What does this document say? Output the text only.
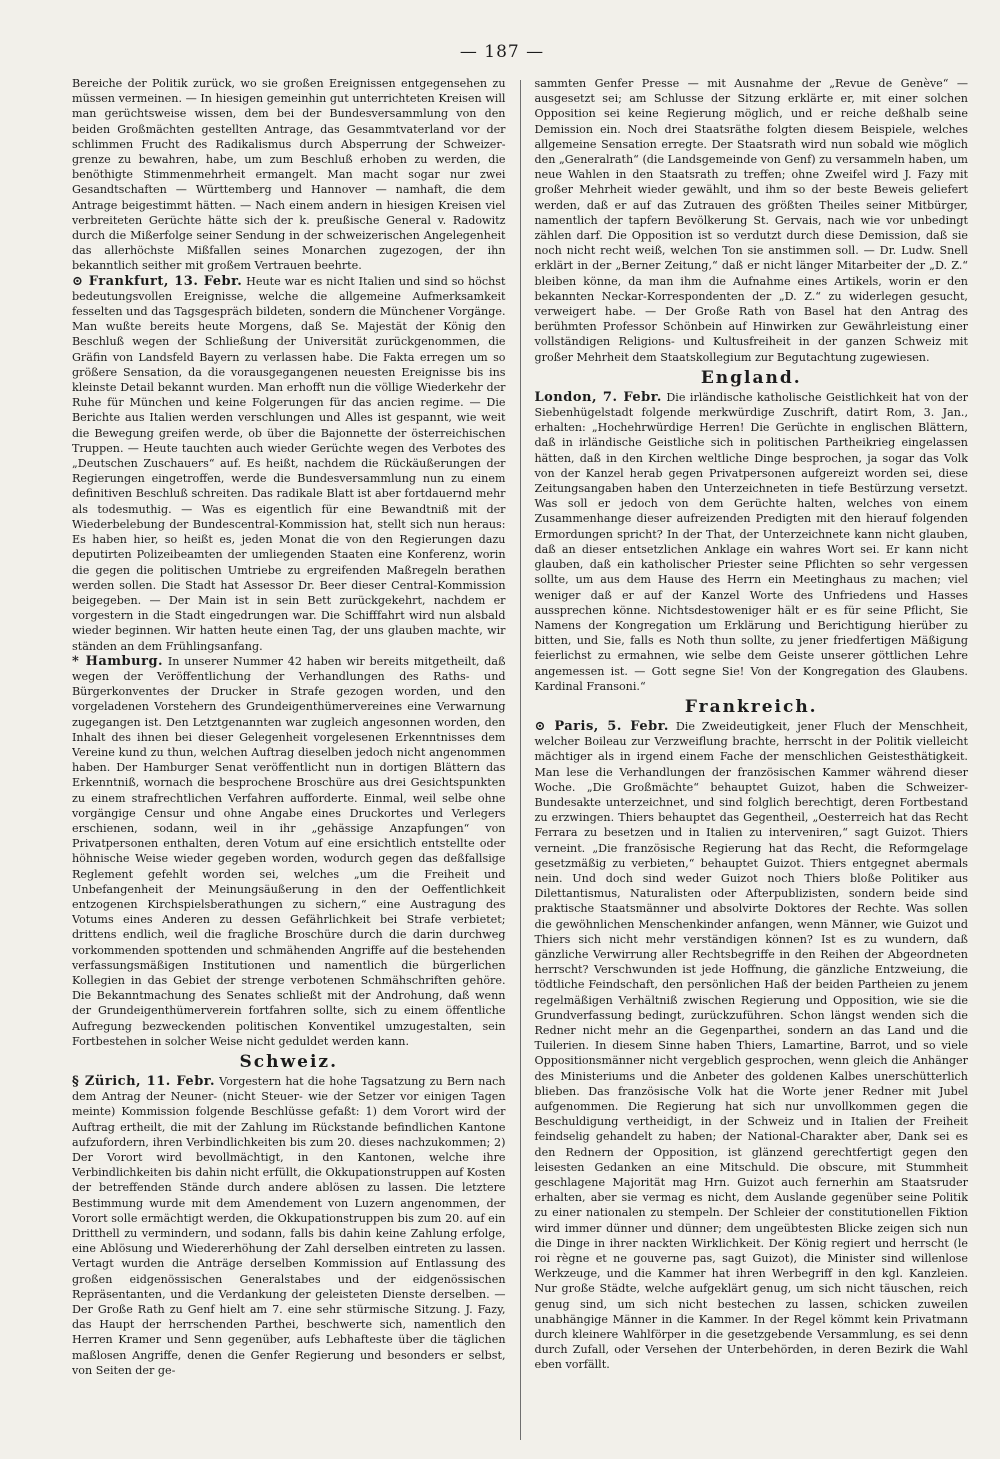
— 187 —

Bereiche der Politik zurück, wo sie großen Ereignissen entgegensehen zu müssen vermeinen. — In hiesigen gemeinhin gut unterrichteten Kreisen will man gerüchtsweise wissen, dem bei der Bundesversammlung von den beiden Großmächten gestellten Antrage, das Gesammtvaterland vor der schlimmen Frucht des Radikalismus durch Absperrung der Schweizer-grenze zu bewahren, habe, um zum Beschluß erhoben zu werden, die benöthigte Stimmenmehrheit ermangelt. Man macht sogar nur zwei Gesandtschaften — Württemberg und Hannover — namhaft, die dem Antrage beigestimmt hätten. — Nach einem andern in hiesigen Kreisen viel verbreiteten Gerüchte hätte sich der k. preußische General v. Radowitz durch die Mißerfolge seiner Sendung in der schweizerischen Angelegenheit das allerhöchste Mißfallen seines Monarchen zugezogen, der ihn bekanntlich seither mit großem Vertrauen beehrte.

⊙ Frankfurt, 13. Febr. Heute war es nicht Italien und sind so höchst bedeutungsvollen Ereignisse, welche die allgemeine Aufmerksamkeit fesselten und das Tagsgespräch bildeten, sondern die Münchener Vorgänge. Man wußte bereits heute Morgens, daß Se. Majestät der König den Beschluß wegen der Schließung der Universität zurückgenommen, die Gräfin von Landsfeld Bayern zu verlassen habe. Die Fakta erregen um so größere Sensation, da die vorausgegangenen neuesten Ereignisse bis ins kleinste Detail bekannt wurden. Man erhofft nun die völlige Wiederkehr der Ruhe für München und keine Folgerungen für das ancien regime. — Die Berichte aus Italien werden verschlungen und Alles ist gespannt, wie weit die Bewegung greifen werde, ob über die Bajonnette der österreichischen Truppen. — Heute tauchten auch wieder Gerüchte wegen des Verbotes des „Deutschen Zuschauers“ auf. Es heißt, nachdem die Rückäußerungen der Regierungen eingetroffen, werde die Bundesversammlung nun zu einem definitiven Beschluß schreiten. Das radikale Blatt ist aber fortdauernd mehr als todesmuthig. — Was es eigentlich für eine Bewandtniß mit der Wiederbelebung der Bundescentral-Kommission hat, stellt sich nun heraus: Es haben hier, so heißt es, jeden Monat die von den Regierungen dazu deputirten Polizeibeamten der umliegenden Staaten eine Konferenz, worin die gegen die politischen Umtriebe zu ergreifenden Maßregeln berathen werden sollen. Die Stadt hat Assessor Dr. Beer dieser Central-Kommission beigegeben. — Der Main ist in sein Bett zurückgekehrt, nachdem er vorgestern in die Stadt eingedrungen war. Die Schifffahrt wird nun alsbald wieder beginnen. Wir hatten heute einen Tag, der uns glauben machte, wir ständen an dem Frühlingsanfang.

* Hamburg. In unserer Nummer 42 haben wir bereits mitgetheilt, daß wegen der Veröffentlichung der Verhandlungen des Raths- und Bürgerkonventes der Drucker in Strafe gezogen worden, und den vorgeladenen Vorstehern des Grundeigenthümervereines eine Verwarnung zugegangen ist. Den Letztgenannten war zugleich angesonnen worden, den Inhalt des ihnen bei dieser Gelegenheit vorgelesenen Erkenntnisses dem Vereine kund zu thun, welchen Auftrag dieselben jedoch nicht angenommen haben. Der Hamburger Senat veröffentlicht nun in dortigen Blättern das Erkenntniß, wornach die besprochene Broschüre aus drei Gesichtspunkten zu einem strafrechtlichen Verfahren aufforderte. Einmal, weil selbe ohne vorgängige Censur und ohne Angabe eines Druckortes und Verlegers erschienen, sodann, weil in ihr „gehässige Anzapfungen“ von Privatpersonen enthalten, deren Votum auf eine ersichtlich entstellte oder höhnische Weise wieder gegeben worden, wodurch gegen das deßfallsige Reglement gefehlt worden sei, welches „um die Freiheit und Unbefangenheit der Meinungsäußerung in den der Oeffentlichkeit entzogenen Kirchspielsberathungen zu sichern,“ eine Austragung des Votums eines Anderen zu dessen Gefährlichkeit bei Strafe verbietet; drittens endlich, weil die fragliche Broschüre durch die darin durchweg vorkommenden spottenden und schmähenden Angriffe auf die bestehenden verfassungsmäßigen Institutionen und namentlich die bürgerlichen Kollegien in das Gebiet der strenge verbotenen Schmähschriften gehöre. Die Bekanntmachung des Senates schließt mit der Androhung, daß wenn der Grundeigenthümerverein fortfahren sollte, sich zu einem öffentliche Aufregung bezweckenden politischen Konventikel umzugestalten, sein Fortbestehen in solcher Weise nicht geduldet werden kann.

Schweiz.

§ Zürich, 11. Febr. Vorgestern hat die hohe Tagsatzung zu Bern nach dem Antrag der Neuner- (nicht Steuer- wie der Setzer vor einigen Tagen meinte) Kommission folgende Beschlüsse gefaßt: 1) dem Vorort wird der Auftrag ertheilt, die mit der Zahlung im Rückstande befindlichen Kantone aufzufordern, ihren Verbindlichkeiten bis zum 20. dieses nachzukommen; 2) Der Vorort wird bevollmächtigt, in den Kantonen, welche ihre Verbindlichkeiten bis dahin nicht erfüllt, die Okkupationstruppen auf Kosten der betreffenden Stände durch andere ablösen zu lassen. Die letztere Bestimmung wurde mit dem Amendement von Luzern angenommen, der Vorort solle ermächtigt werden, die Okkupationstruppen bis zum 20. auf ein Dritthell zu vermindern, und sodann, falls bis dahin keine Zahlung erfolge, eine Ablösung und Wiedererhöhung der Zahl derselben eintreten zu lassen. Vertagt wurden die Anträge derselben Kommission auf Entlassung des großen eidgenössischen Generalstabes und der eidgenössischen Repräsentanten, und die Verdankung der geleisteten Dienste derselben. — Der Große Rath zu Genf hielt am 7. eine sehr stürmische Sitzung. J. Fazy, das Haupt der herrschenden Parthei, beschwerte sich, namentlich den Herren Kramer und Senn gegenüber, aufs Lebhafteste über die täglichen maßlosen Angriffe, denen die Genfer Regierung und besonders er selbst, von Seiten der ge-

sammten Genfer Presse — mit Ausnahme der „Revue de Genève“ — ausgesetzt sei; am Schlusse der Sitzung erklärte er, mit einer solchen Opposition sei keine Regierung möglich, und er reiche deßhalb seine Demission ein. Noch drei Staatsräthe folgten diesem Beispiele, welches allgemeine Sensation erregte. Der Staatsrath wird nun sobald wie möglich den „Generalrath“ (die Landsgemeinde von Genf) zu versammeln haben, um neue Wahlen in den Staatsrath zu treffen; ohne Zweifel wird J. Fazy mit großer Mehrheit wieder gewählt, und ihm so der beste Beweis geliefert werden, daß er auf das Zutrauen des größten Theiles seiner Mitbürger, namentlich der tapfern Bevölkerung St. Gervais, nach wie vor unbedingt zählen darf. Die Opposition ist so verdutzt durch diese Demission, daß sie noch nicht recht weiß, welchen Ton sie anstimmen soll. — Dr. Ludw. Snell erklärt in der „Berner Zeitung,“ daß er nicht länger Mitarbeiter der „D. Z.“ bleiben könne, da man ihm die Aufnahme eines Artikels, worin er den bekannten Neckar-Korrespondenten der „D. Z.“ zu widerlegen gesucht, verweigert habe. — Der Große Rath von Basel hat den Antrag des berühmten Professor Schönbein auf Hinwirken zur Gewährleistung einer vollständigen Religions- und Kultusfreiheit in der ganzen Schweiz mit großer Mehrheit dem Staatskollegium zur Begutachtung zugewiesen.

England.

London, 7. Febr. Die irländische katholische Geistlichkeit hat von der Siebenhügelstadt folgende merkwürdige Zuschrift, datirt Rom, 3. Jan., erhalten: „Hochehrwürdige Herren! Die Gerüchte in englischen Blättern, daß in irländische Geistliche sich in politischen Partheikrieg eingelassen hätten, daß in den Kirchen weltliche Dinge besprochen, ja sogar das Volk von der Kanzel herab gegen Privatpersonen aufgereizt worden sei, diese Zeitungsangaben haben den Unterzeichneten in tiefe Bestürzung versetzt. Was soll er jedoch von dem Gerüchte halten, welches von einem Zusammenhange dieser aufreizenden Predigten mit den hierauf folgenden Ermordungen spricht? In der That, der Unterzeichnete kann nicht glauben, daß an dieser entsetzlichen Anklage ein wahres Wort sei. Er kann nicht glauben, daß ein katholischer Priester seine Pflichten so sehr vergessen sollte, um aus dem Hause des Herrn ein Meetinghaus zu machen; viel weniger daß er auf der Kanzel Worte des Unfriedens und Hasses aussprechen könne. Nichtsdestoweniger hält er es für seine Pflicht, Sie Namens der Kongregation um Erklärung und Berichtigung hierüber zu bitten, und Sie, falls es Noth thun sollte, zu jener friedfertigen Mäßigung feierlichst zu ermahnen, wie selbe dem Geiste unserer göttlichen Lehre angemessen ist. — Gott segne Sie! Von der Kongregation des Glaubens. Kardinal Fransoni.“

Frankreich.

⊙ Paris, 5. Febr. Die Zweideutigkeit, jener Fluch der Menschheit, welcher Boileau zur Verzweiflung brachte, herrscht in der Politik vielleicht mächtiger als in irgend einem Fache der menschlichen Geistesthätigkeit. Man lese die Verhandlungen der französischen Kammer während dieser Woche. „Die Großmächte“ behauptet Guizot, haben die Schweizer-Bundesakte unterzeichnet, und sind folglich berechtigt, deren Fortbestand zu erzwingen. Thiers behauptet das Gegentheil, „Oesterreich hat das Recht Ferrara zu besetzen und in Italien zu interveniren,“ sagt Guizot. Thiers verneint. „Die französische Regierung hat das Recht, die Reformgelage gesetzmäßig zu verbieten,“ behauptet Guizot. Thiers entgegnet abermals nein. Und doch sind weder Guizot noch Thiers bloße Politiker aus Dilettantismus, Naturalisten oder Afterpublizisten, sondern beide sind praktische Staatsmänner und absolvirte Doktores der Rechte. Was sollen die gewöhnlichen Menschenkinder anfangen, wenn Männer, wie Guizot und Thiers sich nicht mehr verständigen können? Ist es zu wundern, daß gänzliche Verwirrung aller Rechtsbegriffe in den Reihen der Abgeordneten herrscht? Verschwunden ist jede Hoffnung, die gänzliche Entzweiung, die tödtliche Feindschaft, den persönlichen Haß der beiden Partheien zu jenem regelmäßigen Verhältniß zwischen Regierung und Opposition, wie sie die Grundverfassung bedingt, zurückzuführen. Schon längst wenden sich die Redner nicht mehr an die Gegenparthei, sondern an das Land und die Tuilerien. In diesem Sinne haben Thiers, Lamartine, Barrot, und so viele Oppositionsmänner nicht vergeblich gesprochen, wenn gleich die Anhänger des Ministeriums und die Anbeter des goldenen Kalbes unerschütterlich blieben. Das französische Volk hat die Worte jener Redner mit Jubel aufgenommen. Die Regierung hat sich nur unvollkommen gegen die Beschuldigung vertheidigt, in der Schweiz und in Italien der Freiheit feindselig gehandelt zu haben; der National-Charakter aber, Dank sei es den Rednern der Opposition, ist glänzend gerechtfertigt gegen den leisesten Gedanken an eine Mitschuld. Die obscure, mit Stummheit geschlagene Majorität mag Hrn. Guizot auch fernerhin am Staatsruder erhalten, aber sie vermag es nicht, dem Auslande gegenüber seine Politik zu einer nationalen zu stempeln. Der Schleier der constitutionellen Fiktion wird immer dünner und dünner; dem ungeübtesten Blicke zeigen sich nun die Dinge in ihrer nackten Wirklichkeit. Der König regiert und herrscht (le roi règne et ne gouverne pas, sagt Guizot), die Minister sind willenlose Werkzeuge, und die Kammer hat ihren Werbegriff in den kgl. Kanzleien. Nur große Städte, welche aufgeklärt genug, um sich nicht täuschen, reich genug sind, um sich nicht bestechen zu lassen, schicken zuweilen unabhängige Männer in die Kammer. In der Regel kömmt kein Privatmann durch kleinere Wahlförper in die gesetzgebende Versammlung, es sei denn durch Zufall, oder Versehen der Unterbehörden, in deren Bezirk die Wahl eben vorfällt.
